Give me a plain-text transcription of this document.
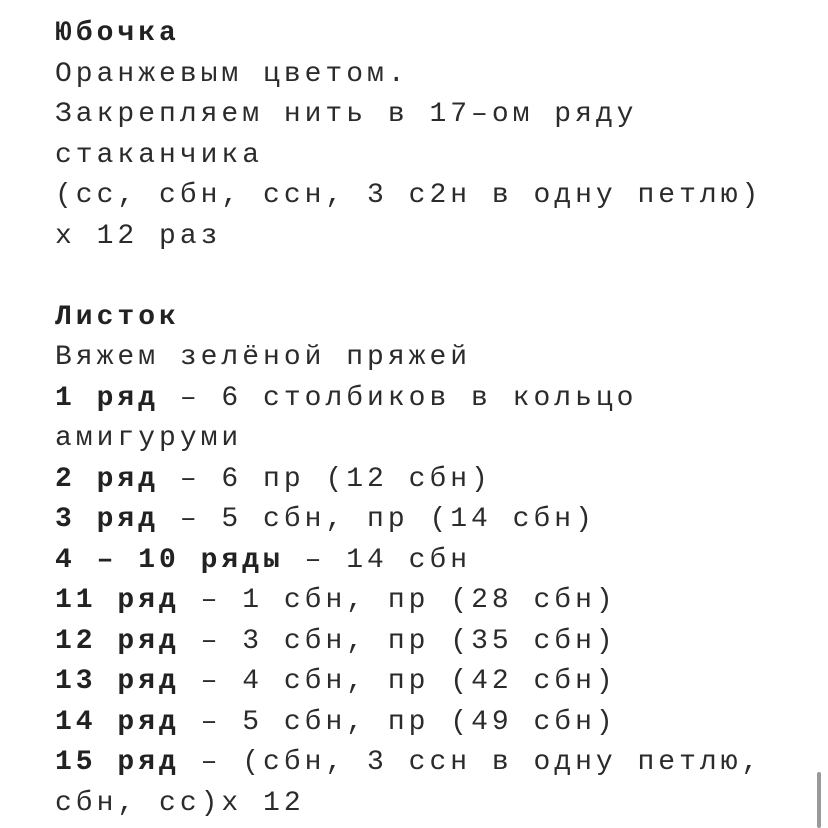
Юбочка
Оранжевым цветом.
Закрепляем нить в 17–ом ряду
стаканчика
(сс, сбн, ссн, 3 с2н в одну петлю)
х 12 раз
Листок
Вяжем зелёной пряжей
1 ряд – 6 столбиков в кольцо
амигуруми
2 ряд – 6 пр (12 сбн)
3 ряд – 5 сбн, пр (14 сбн)
4 – 10 ряды – 14 сбн
11 ряд – 1 сбн, пр (28 сбн)
12 ряд – 3 сбн, пр (35 сбн)
13 ряд – 4 сбн, пр (42 сбн)
14 ряд – 5 сбн, пр (49 сбн)
15 ряд – (сбн, 3 ссн в одну петлю,
сбн, сс)х 12
